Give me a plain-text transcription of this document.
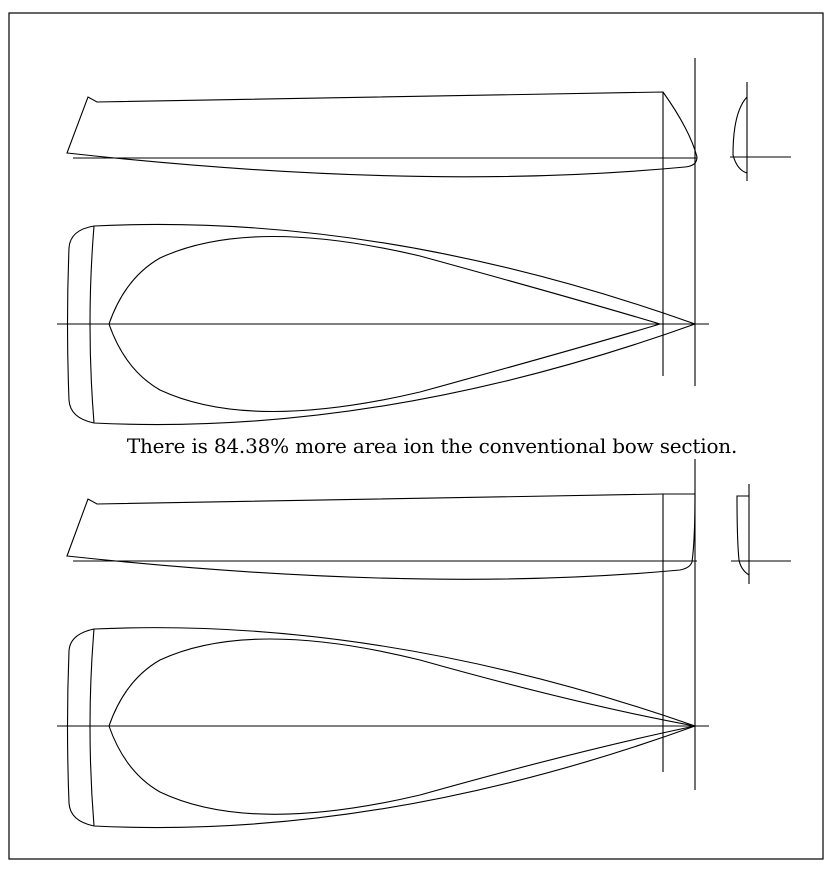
There is 84.38% more area ion the conventional bow section.
